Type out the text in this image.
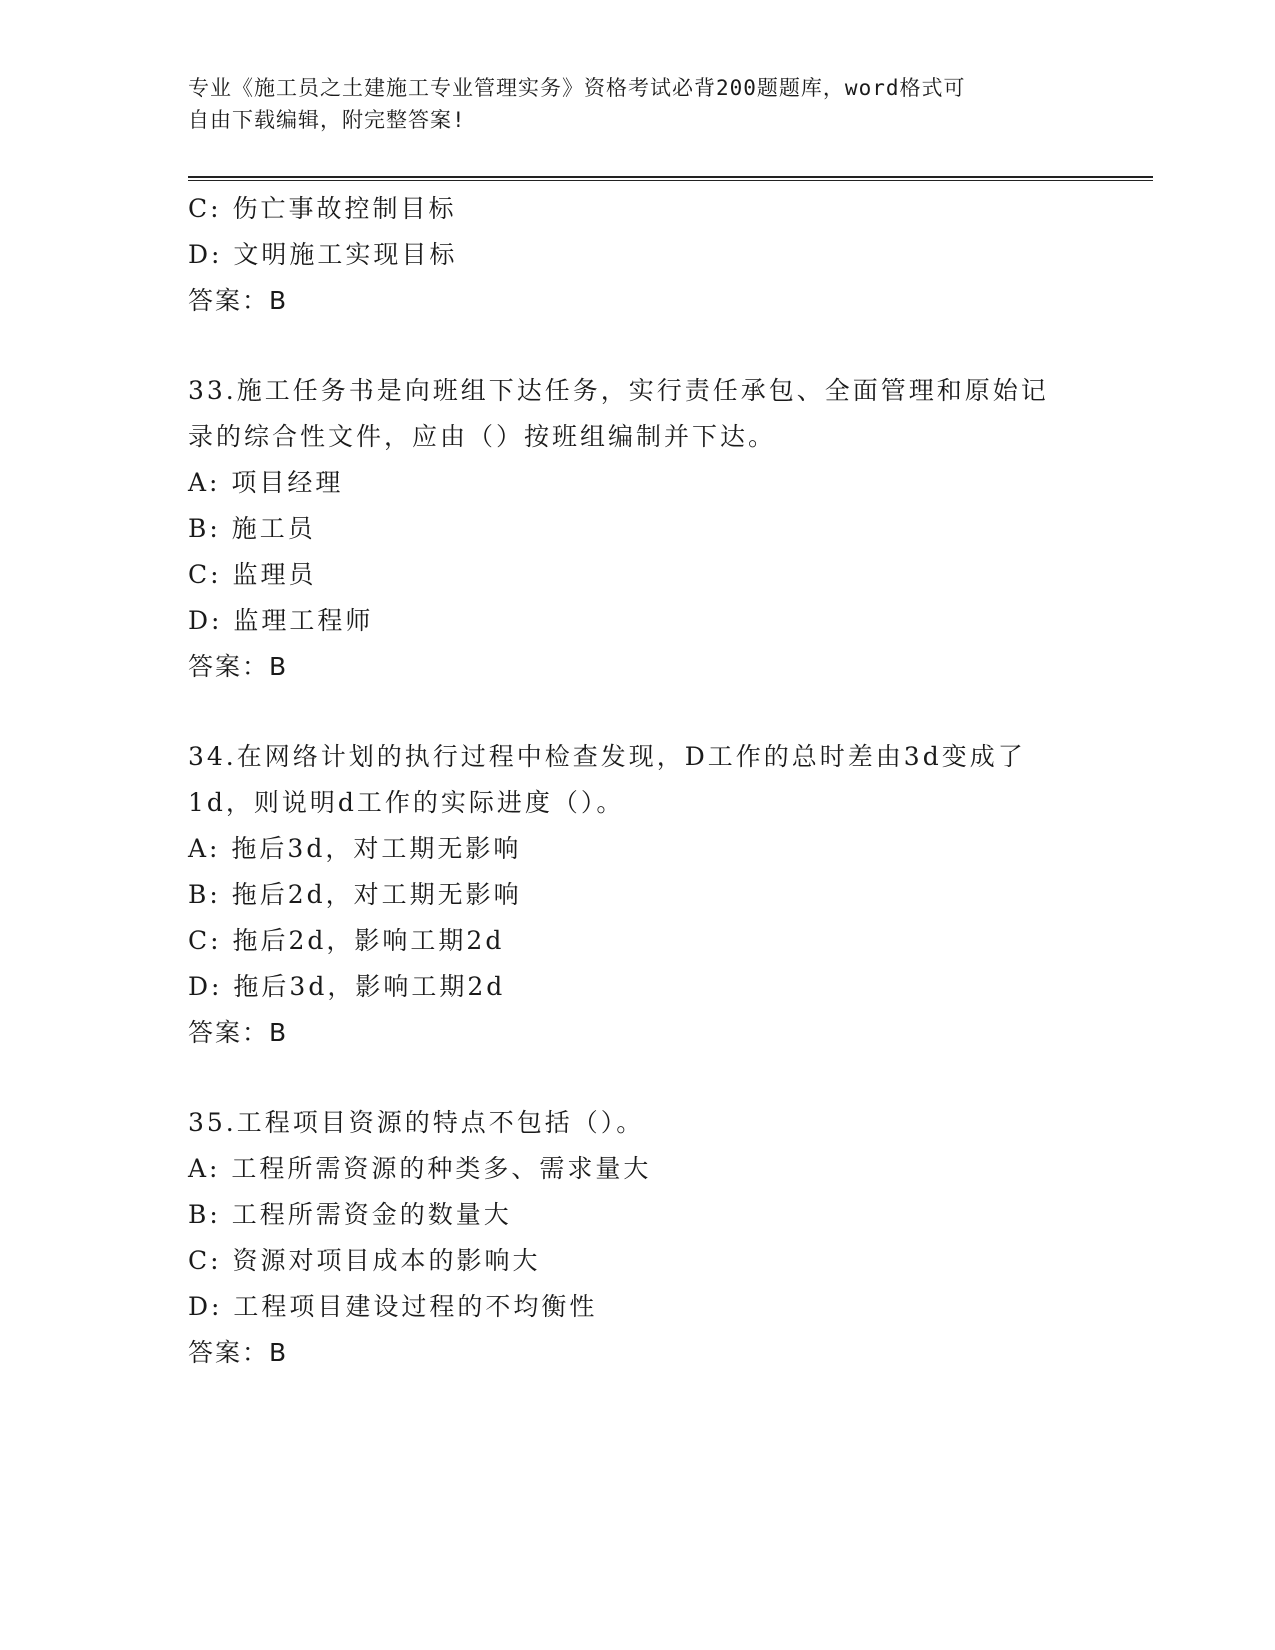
专业《施工员之土建施工专业管理实务》资格考试必背200题题库，word格式可
自由下载编辑，附完整答案!
C: 伤亡事故控制目标
D: 文明施工实现目标
答案：B
33.施工任务书是向班组下达任务，实行责任承包、全面管理和原始记
录的综合性文件，应由（）按班组编制并下达。
A: 项目经理
B: 施工员
C: 监理员
D: 监理工程师
答案：B
34.在网络计划的执行过程中检查发现，D工作的总时差由3d变成了
1d，则说明d工作的实际进度（）。
A: 拖后3d，对工期无影响
B: 拖后2d，对工期无影响
C: 拖后2d，影响工期2d
D: 拖后3d，影响工期2d
答案：B
35.工程项目资源的特点不包括（）。
A: 工程所需资源的种类多、需求量大
B: 工程所需资金的数量大
C: 资源对项目成本的影响大
D: 工程项目建设过程的不均衡性
答案：B
